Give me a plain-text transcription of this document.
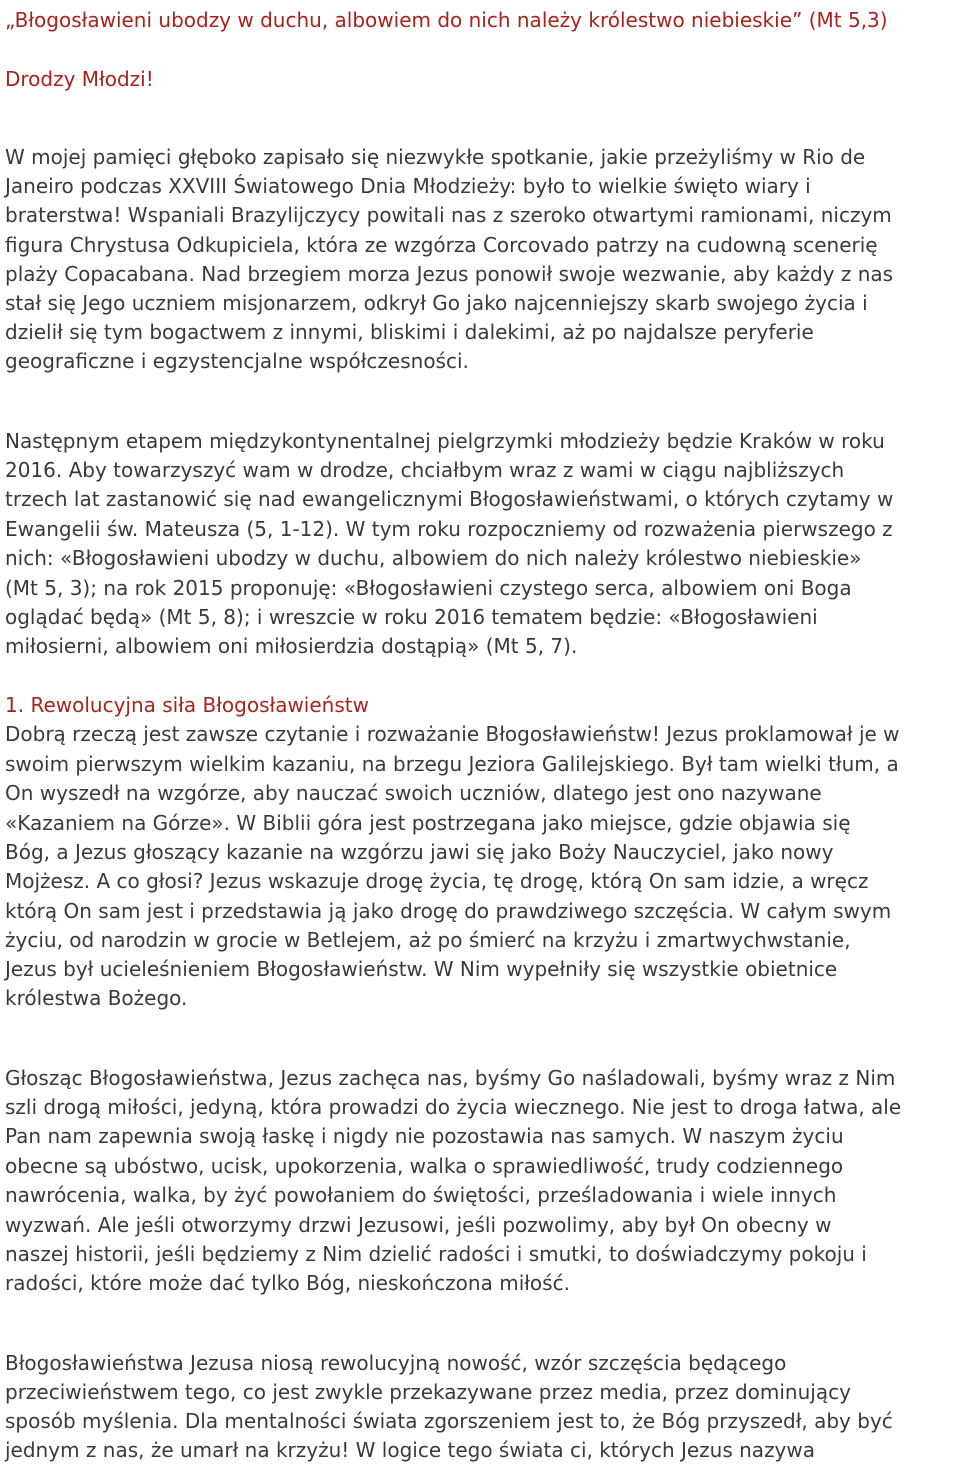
„Błogosławieni ubodzy w duchu, albowiem do nich należy królestwo niebieskie” (Mt 5,3)
Drodzy Młodzi!
W mojej pamięci głęboko zapisało się niezwykłe spotkanie, jakie przeżyliśmy w Rio de
Janeiro podczas XXVIII Światowego Dnia Młodzieży: było to wielkie święto wiary i
braterstwa! Wspaniali Brazylijczycy powitali nas z szeroko otwartymi ramionami, niczym
figura Chrystusa Odkupiciela, która ze wzgórza Corcovado patrzy na cudowną scenerię
plaży Copacabana. Nad brzegiem morza Jezus ponowił swoje wezwanie, aby każdy z nas
stał się Jego uczniem misjonarzem, odkrył Go jako najcenniejszy skarb swojego życia i
dzielił się tym bogactwem z innymi, bliskimi i dalekimi, aż po najdalsze peryferie
geograficzne i egzystencjalne współczesności.
Następnym etapem międzykontynentalnej pielgrzymki młodzieży będzie Kraków w roku
2016. Aby towarzyszyć wam w drodze, chciałbym wraz z wami w ciągu najbliższych
trzech lat zastanowić się nad ewangelicznymi Błogosławieństwami, o których czytamy w
Ewangelii św. Mateusza (5, 1-12). W tym roku rozpoczniemy od rozważenia pierwszego z
nich: «Błogosławieni ubodzy w duchu, albowiem do nich należy królestwo niebieskie»
(Mt 5, 3); na rok 2015 proponuję: «Błogosławieni czystego serca, albowiem oni Boga
oglądać będą» (Mt 5, 8); i wreszcie w roku 2016 tematem będzie: «Błogosławieni
miłosierni, albowiem oni miłosierdzia dostąpią» (Mt 5, 7).
1. Rewolucyjna siła Błogosławieństw
Dobrą rzeczą jest zawsze czytanie i rozważanie Błogosławieństw! Jezus proklamował je w
swoim pierwszym wielkim kazaniu, na brzegu Jeziora Galilejskiego. Był tam wielki tłum, a
On wyszedł na wzgórze, aby nauczać swoich uczniów, dlatego jest ono nazywane
«Kazaniem na Górze». W Biblii góra jest postrzegana jako miejsce, gdzie objawia się
Bóg, a Jezus głoszący kazanie na wzgórzu jawi się jako Boży Nauczyciel, jako nowy
Mojżesz. A co głosi? Jezus wskazuje drogę życia, tę drogę, którą On sam idzie, a wręcz
którą On sam jest i przedstawia ją jako drogę do prawdziwego szczęścia. W całym swym
życiu, od narodzin w grocie w Betlejem, aż po śmierć na krzyżu i zmartwychwstanie,
Jezus był ucieleśnieniem Błogosławieństw. W Nim wypełniły się wszystkie obietnice
królestwa Bożego.
Głosząc Błogosławieństwa, Jezus zachęca nas, byśmy Go naśladowali, byśmy wraz z Nim
szli drogą miłości, jedyną, która prowadzi do życia wiecznego. Nie jest to droga łatwa, ale
Pan nam zapewnia swoją łaskę i nigdy nie pozostawia nas samych. W naszym życiu
obecne są ubóstwo, ucisk, upokorzenia, walka o sprawiedliwość, trudy codziennego
nawrócenia, walka, by żyć powołaniem do świętości, prześladowania i wiele innych
wyzwań. Ale jeśli otworzymy drzwi Jezusowi, jeśli pozwolimy, aby był On obecny w
naszej historii, jeśli będziemy z Nim dzielić radości i smutki, to doświadczymy pokoju i
radości, które może dać tylko Bóg, nieskończona miłość.
Błogosławieństwa Jezusa niosą rewolucyjną nowość, wzór szczęścia będącego
przeciwieństwem tego, co jest zwykle przekazywane przez media, przez dominujący
sposób myślenia. Dla mentalności świata zgorszeniem jest to, że Bóg przyszedł, aby być
jednym z nas, że umarł na krzyżu! W logice tego świata ci, których Jezus nazywa
